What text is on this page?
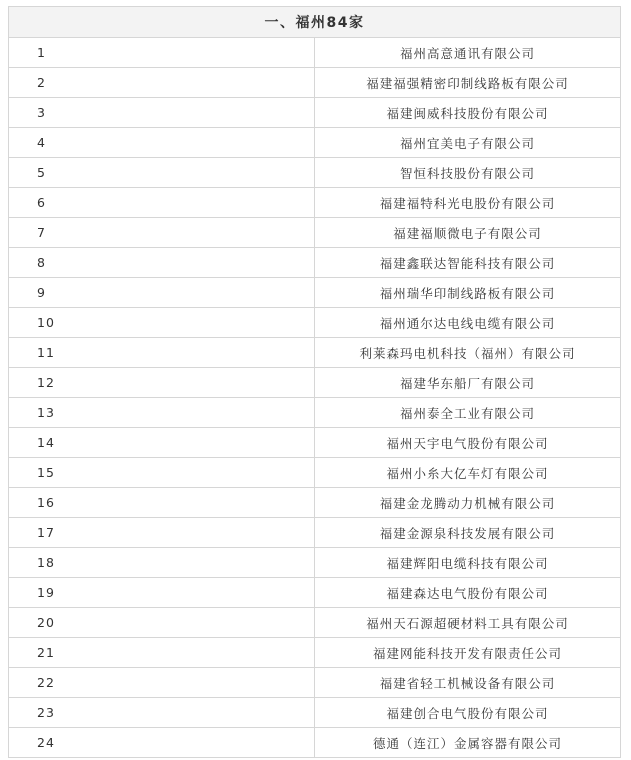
一、福州84家	
1	福州高意通讯有限公司
2	福建福强精密印制线路板有限公司
3	福建闽威科技股份有限公司
4	福州宜美电子有限公司
5	智恒科技股份有限公司
6	福建福特科光电股份有限公司
7	福建福顺微电子有限公司
8	福建鑫联达智能科技有限公司
9	福州瑞华印制线路板有限公司
10	福州通尔达电线电缆有限公司
11	利莱森玛电机科技（福州）有限公司
12	福建华东船厂有限公司
13	福州泰全工业有限公司
14	福州天宇电气股份有限公司
15	福州小糸大亿车灯有限公司
16	福建金龙腾动力机械有限公司
17	福建金源泉科技发展有限公司
18	福建辉阳电缆科技有限公司
19	福建森达电气股份有限公司
20	福州天石源超硬材料工具有限公司
21	福建网能科技开发有限责任公司
22	福建省轻工机械设备有限公司
23	福建创合电气股份有限公司
24	德通（连江）金属容器有限公司
